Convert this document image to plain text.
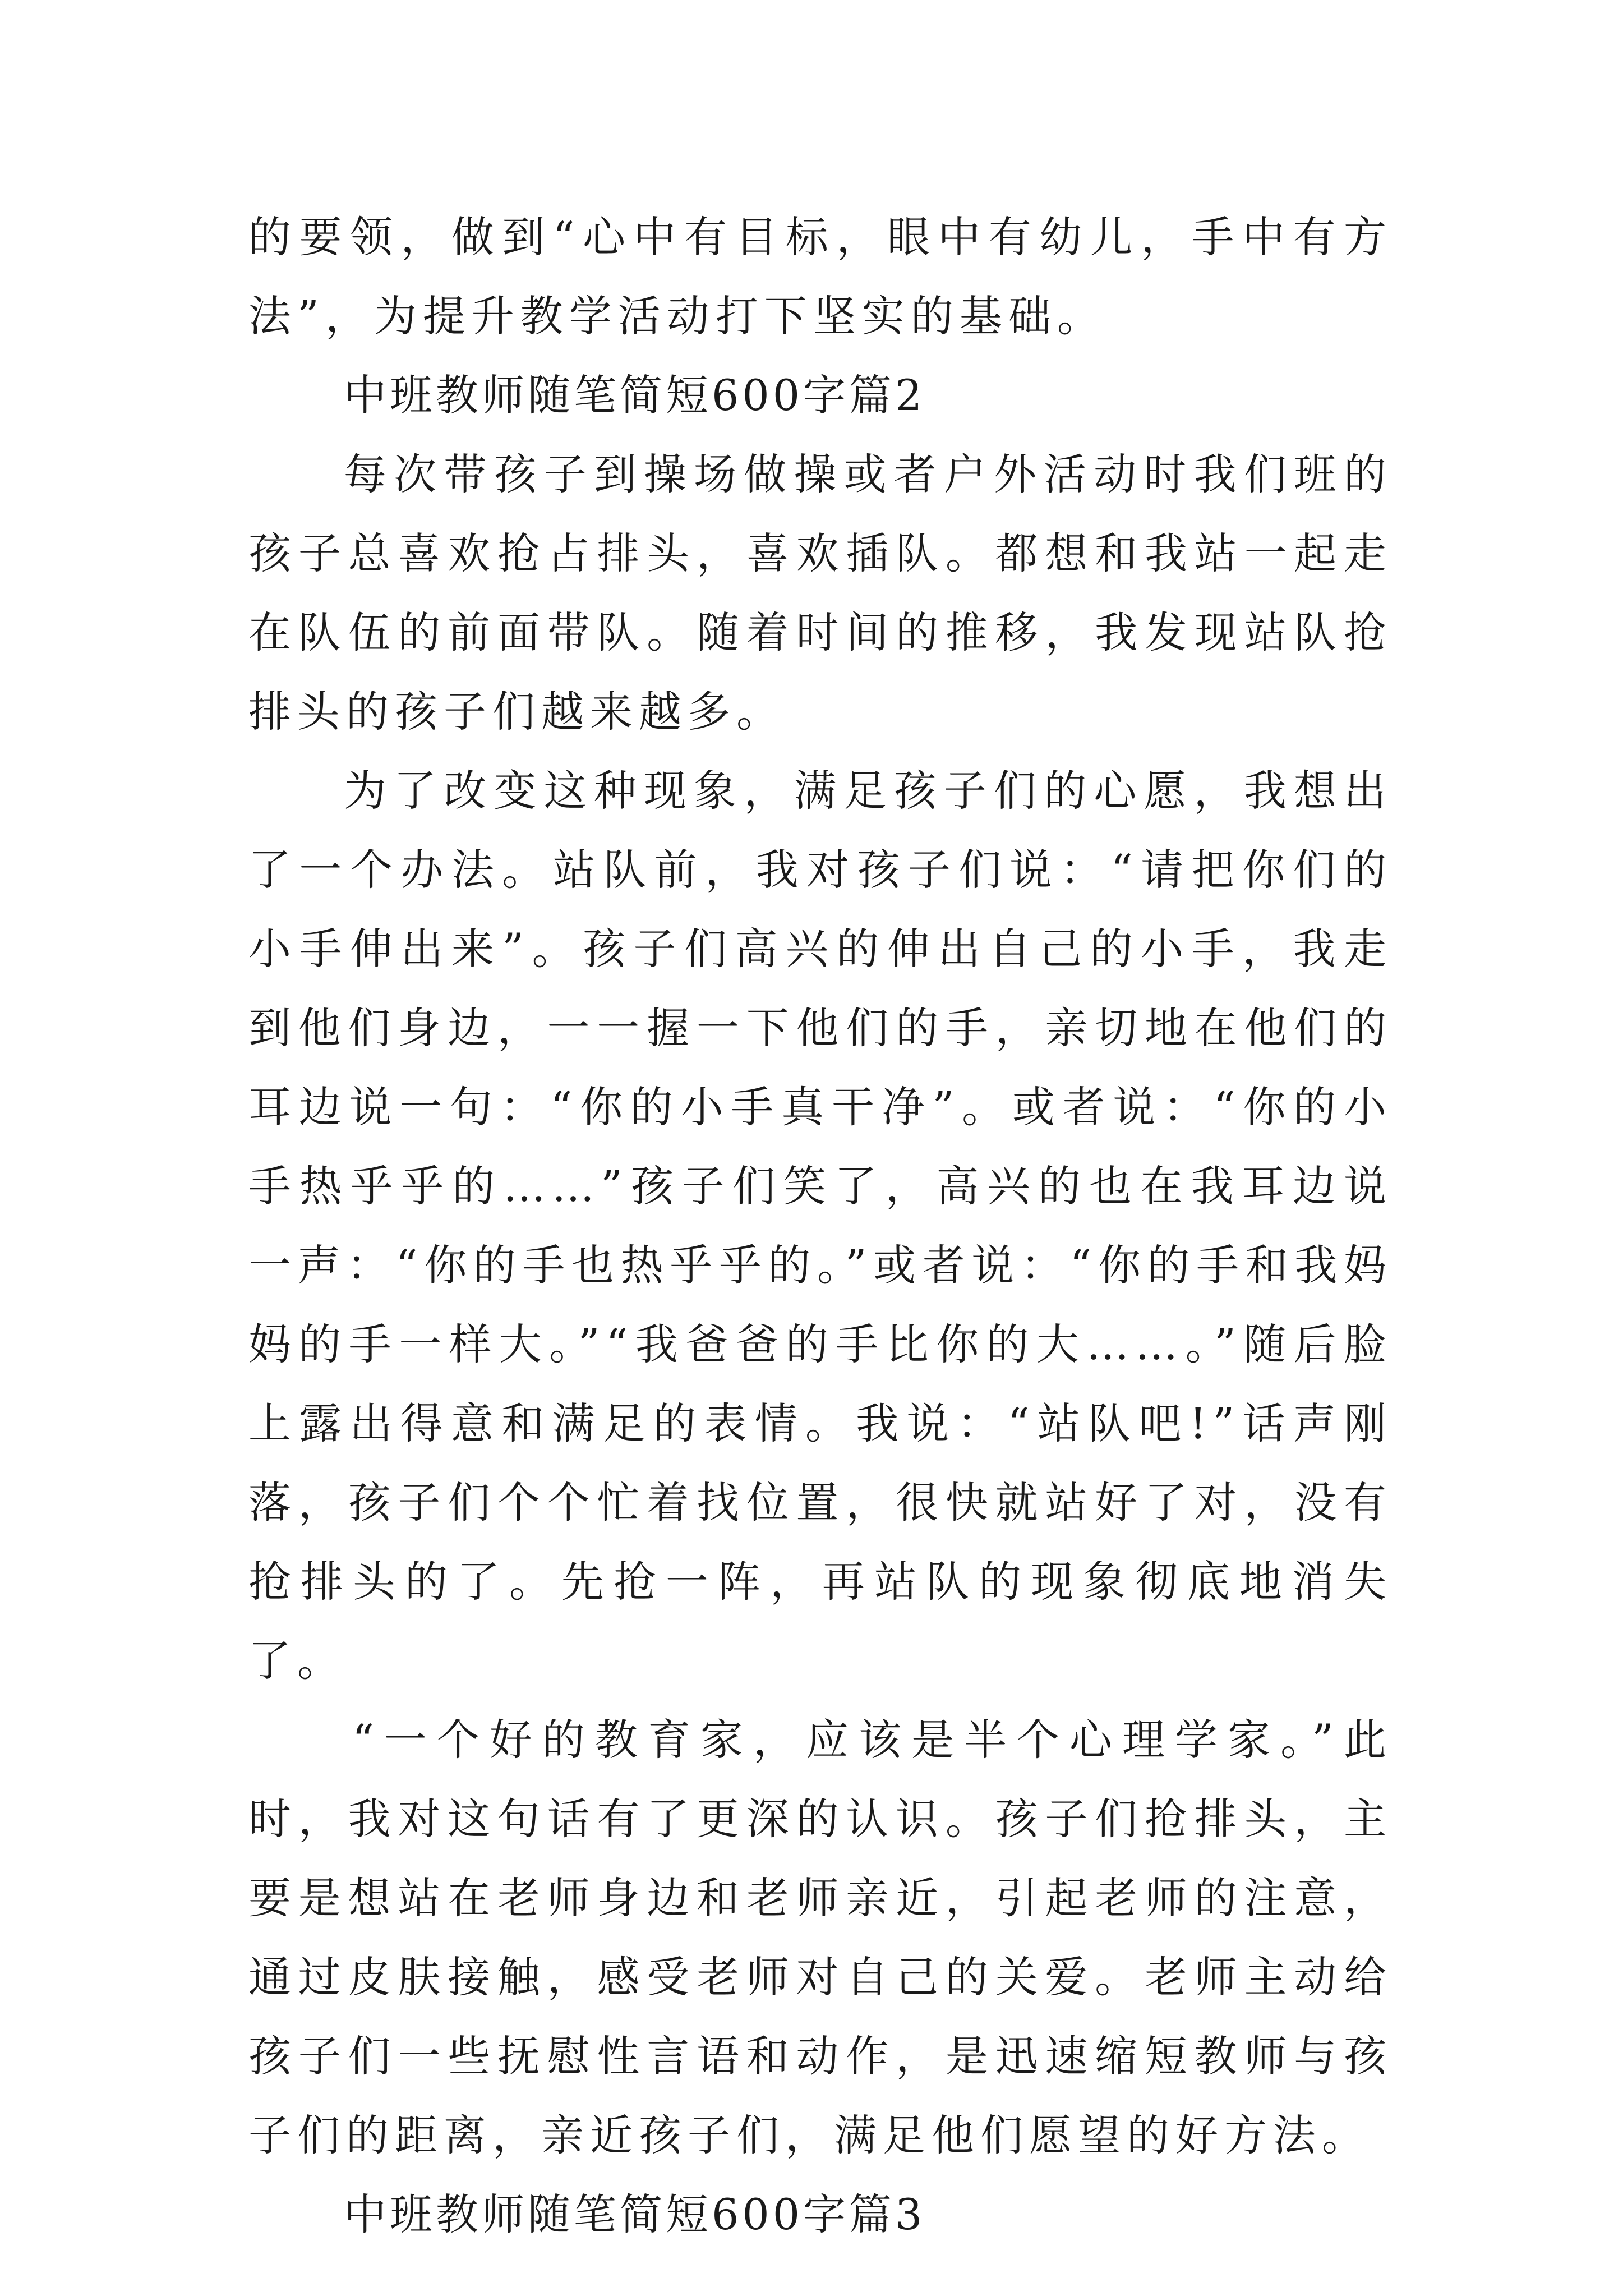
的要领，做到“心中有目标，眼中有幼儿，手中有方法”，为提升教学活动打下坚实的基础。

中班教师随笔简短600字篇2

每次带孩子到操场做操或者户外活动时我们班的孩子总喜欢抢占排头，喜欢插队。都想和我站一起走在队伍的前面带队。随着时间的推移，我发现站队抢排头的孩子们越来越多。

为了改变这种现象，满足孩子们的心愿，我想出了一个办法。站队前，我对孩子们说：“请把你们的小手伸出来”。孩子们高兴的伸出自己的小手，我走到他们身边，一一握一下他们的手，亲切地在他们的耳边说一句：“你的小手真干净”。或者说：“你的小手热乎乎的……”孩子们笑了，高兴的也在我耳边说一声：“你的手也热乎乎的。”或者说：“你的手和我妈妈的手一样大。”“我爸爸的手比你的大……。”随后脸上露出得意和满足的表情。我说：“站队吧!”话声刚落，孩子们个个忙着找位置，很快就站好了对，没有抢排头的了。先抢一阵，再站队的现象彻底地消失了。

“一个好的教育家，应该是半个心理学家。”此时，我对这句话有了更深的认识。孩子们抢排头，主要是想站在老师身边和老师亲近，引起老师的注意，通过皮肤接触，感受老师对自己的关爱。老师主动给孩子们一些抚慰性言语和动作，是迅速缩短教师与孩子们的距离，亲近孩子们，满足他们愿望的好方法。

中班教师随笔简短600字篇3
